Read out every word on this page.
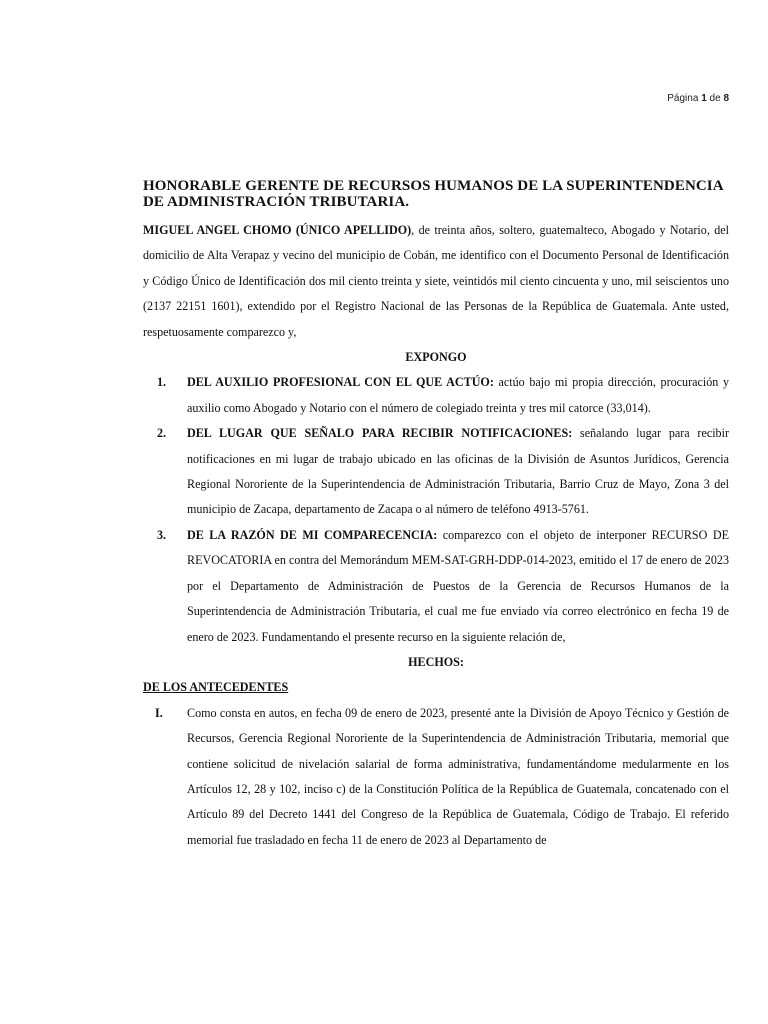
Página 1 de 8
HONORABLE GERENTE DE RECURSOS HUMANOS DE LA SUPERINTENDENCIA DE ADMINISTRACIÓN TRIBUTARIA.

MIGUEL ANGEL CHOMO (ÚNICO APELLIDO), de treinta años, soltero, guatemalteco, Abogado y Notario, del domicilio de Alta Verapaz y vecino del municipio de Cobán, me identifico con el Documento Personal de Identificación y Código Único de Identificación dos mil ciento treinta y siete, veintidós mil ciento cincuenta y uno, mil seiscientos uno (2137 22151 1601), extendido por el Registro Nacional de las Personas de la República de Guatemala. Ante usted, respetuosamente comparezco y,

EXPONGO

1.	DEL AUXILIO PROFESIONAL CON EL QUE ACTÚO: actúo bajo mi propia dirección, procuración y auxilio como Abogado y Notario con el número de colegiado treinta y tres mil catorce (33,014).
2.	DEL LUGAR QUE SEÑALO PARA RECIBIR NOTIFICACIONES: señalando lugar para recibir notificaciones en mi lugar de trabajo ubicado en las oficinas de la División de Asuntos Jurídicos, Gerencia Regional Nororiente de la Superintendencia de Administración Tributaria, Barrio Cruz de Mayo, Zona 3 del municipio de Zacapa, departamento de Zacapa o al número de teléfono 4913-5761.
3.	DE LA RAZÓN DE MI COMPARECENCIA: comparezco con el objeto de interponer RECURSO DE REVOCATORIA en contra del Memorándum MEM-SAT-GRH-DDP-014-2023, emitido el 17 de enero de 2023 por el Departamento de Administración de Puestos de la Gerencia de Recursos Humanos de la Superintendencia de Administración Tributaria, el cual me fue enviado vía correo electrónico en fecha 19 de enero de 2023. Fundamentando el presente recurso en la siguiente relación de,

HECHOS:

DE LOS ANTECEDENTES

I.	Como consta en autos, en fecha 09 de enero de 2023, presenté ante la División de Apoyo Técnico y Gestión de Recursos, Gerencia Regional Nororiente de la Superintendencia de Administración Tributaria, memorial que contiene solicitud de nivelación salarial de forma administrativa, fundamentándome medularmente en los Artículos 12, 28 y 102, inciso c) de la Constitución Política de la República de Guatemala, concatenado con el Artículo 89 del Decreto 1441 del Congreso de la República de Guatemala, Código de Trabajo. El referido memorial fue trasladado en fecha 11 de enero de 2023 al Departamento de
